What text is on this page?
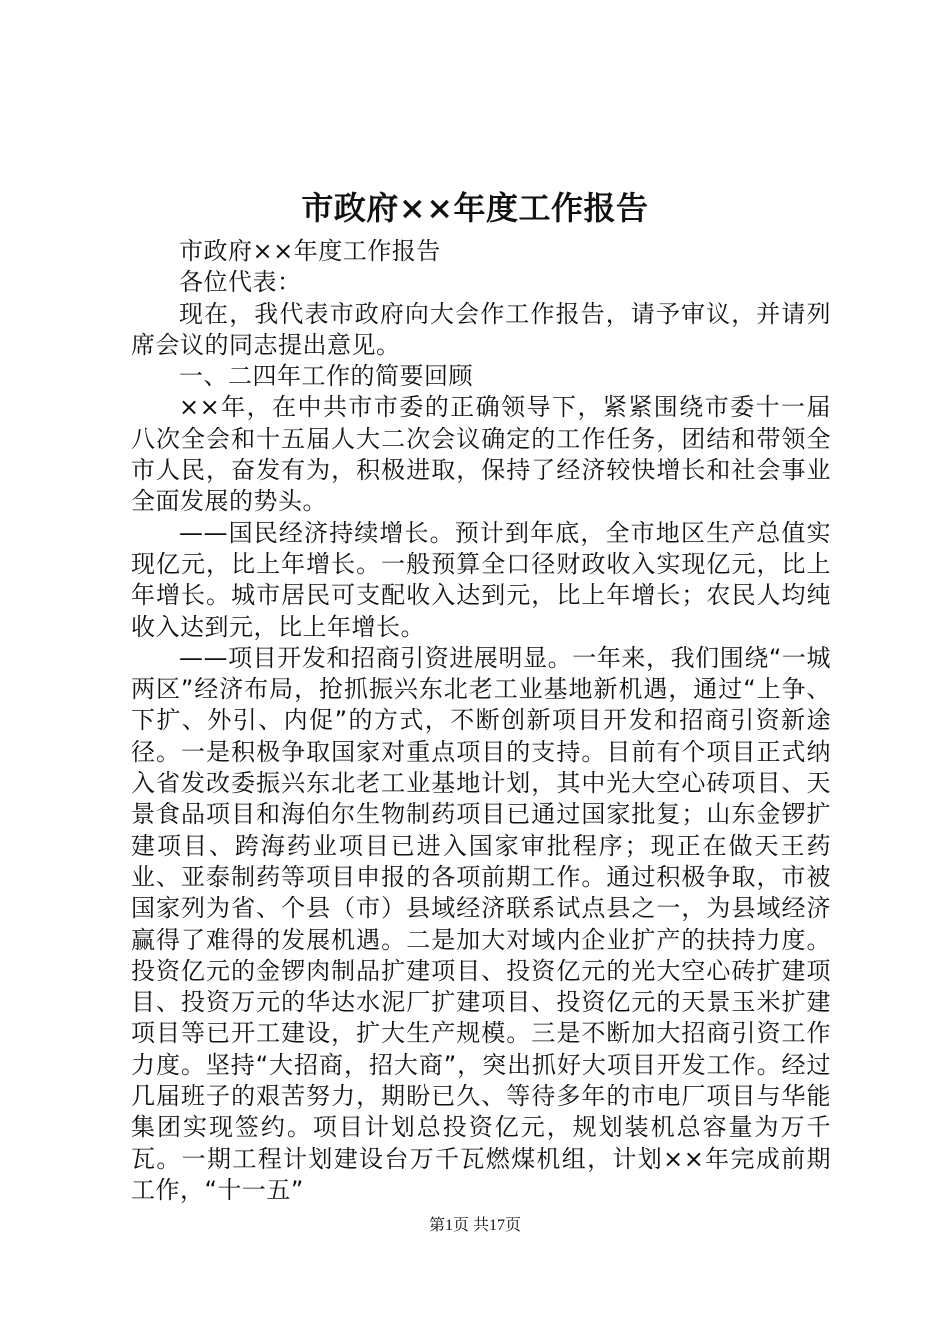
市政府××年度工作报告

市政府××年度工作报告

各位代表：

现在，我代表市政府向大会作工作报告，请予审议，并请列席会议的同志提出意见。

一、二四年工作的简要回顾

××年，在中共市市委的正确领导下，紧紧围绕市委十一届八次全会和十五届人大二次会议确定的工作任务，团结和带领全市人民，奋发有为，积极进取，保持了经济较快增长和社会事业全面发展的势头。

——国民经济持续增长。预计到年底，全市地区生产总值实现亿元，比上年增长。一般预算全口径财政收入实现亿元，比上年增长。城市居民可支配收入达到元，比上年增长；农民人均纯收入达到元，比上年增长。

——项目开发和招商引资进展明显。一年来，我们围绕“一城两区”经济布局，抢抓振兴东北老工业基地新机遇，通过“上争、下扩、外引、内促”的方式，不断创新项目开发和招商引资新途径。一是积极争取国家对重点项目的支持。目前有个项目正式纳入省发改委振兴东北老工业基地计划，其中光大空心砖项目、天景食品项目和海伯尔生物制药项目已通过国家批复；山东金锣扩建项目、跨海药业项目已进入国家审批程序；现正在做天王药业、亚泰制药等项目申报的各项前期工作。通过积极争取，市被国家列为省、个县（市）县域经济联系试点县之一，为县域经济赢得了难得的发展机遇。二是加大对域内企业扩产的扶持力度。投资亿元的金锣肉制品扩建项目、投资亿元的光大空心砖扩建项目、投资万元的华达水泥厂扩建项目、投资亿元的天景玉米扩建项目等已开工建设，扩大生产规模。三是不断加大招商引资工作力度。坚持“大招商，招大商”，突出抓好大项目开发工作。经过几届班子的艰苦努力，期盼已久、等待多年的市电厂项目与华能集团实现签约。项目计划总投资亿元，规划装机总容量为万千瓦。一期工程计划建设台万千瓦燃煤机组，计划××年完成前期工作，“十一五”

第1页 共17页
